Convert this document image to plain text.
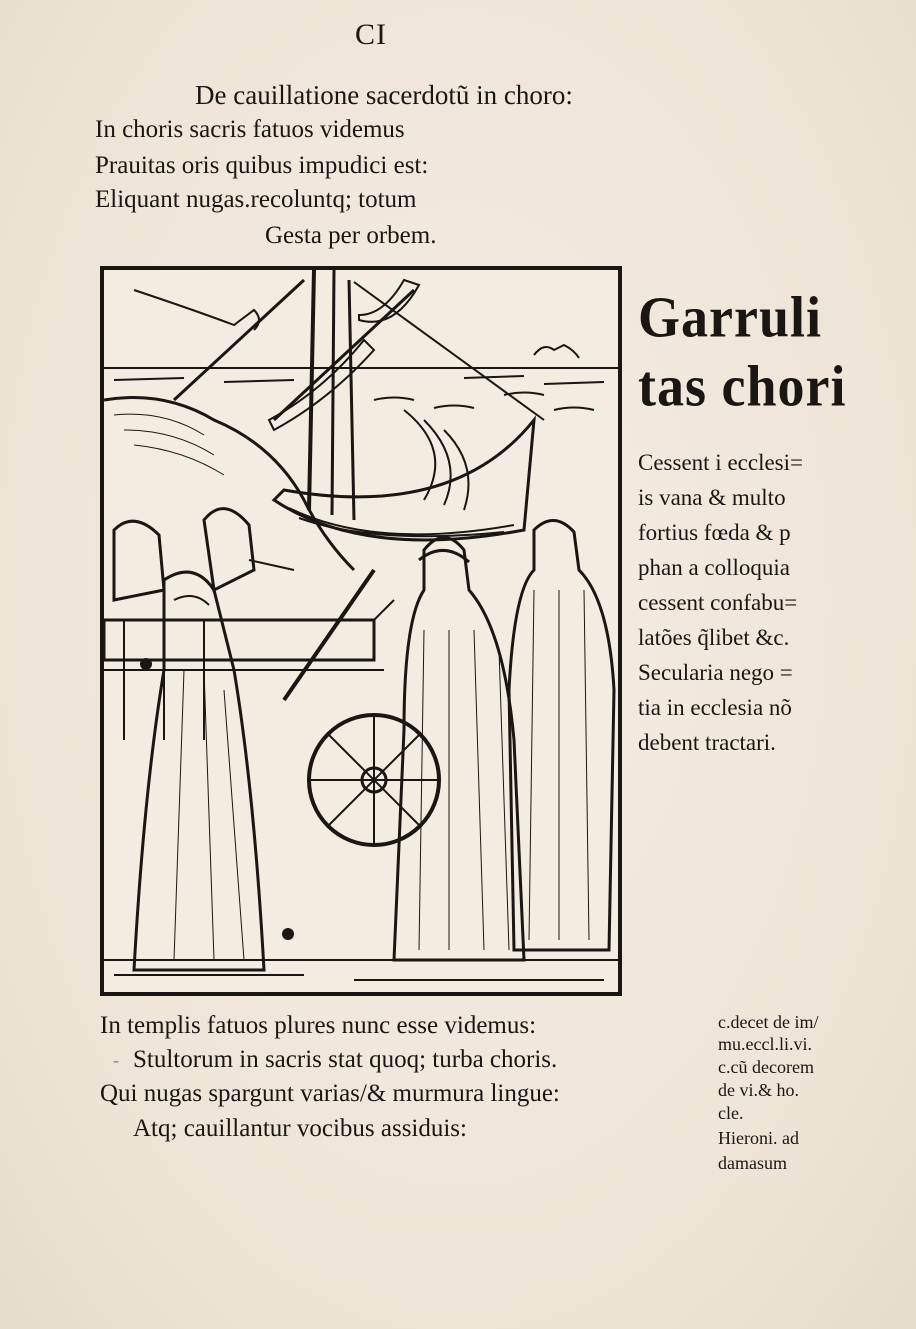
CI
De cauillatione sacerdotũ in choro:
In choris sacris fatuos videmus
Prauitas oris quibus impudici est:
Eliquant nugas.recoluntq; totum
Gesta per orbem.
Garruli
tas chori
Cessent i ecclesi=
is vana & multo
fortius fœda & p
phan a colloquia
cessent confabu=
latões q̃libet &c.
Secularia nego =
tia in ecclesia nõ
debent tractari.
-
In templis fatuos plures nunc esse videmus:
Stultorum in sacris stat quoq; turba choris.
Qui nugas spargunt varias/& murmura lingue:
Atq; cauillantur vocibus assiduis:
c.decet de im/
mu.eccl.li.vi.
c.cũ decorem
de vi.& ho.
cle.
Hieroni. ad
damasum
